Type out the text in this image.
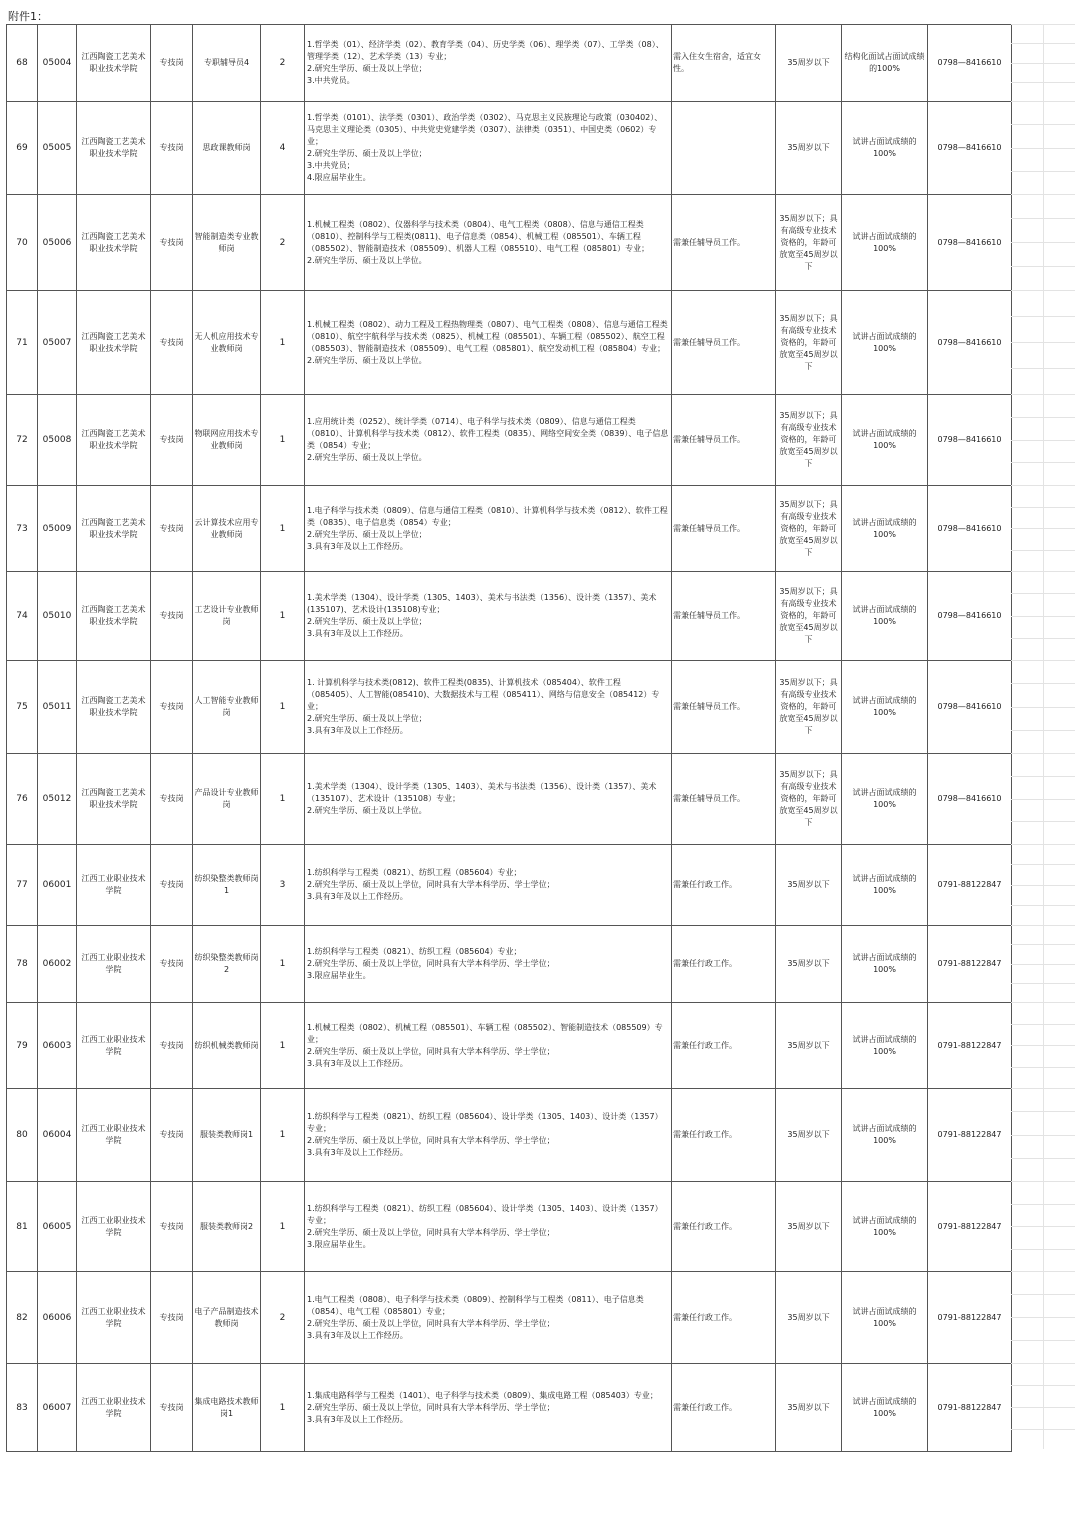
附件1：
68	05004	江西陶瓷工艺美术职业技术学院	专技岗	专职辅导员4	2	1.哲学类（01）、经济学类（02）、教育学类（04）、历史学类（06）、理学类（07）、工学类（08）、管理学类（12）、艺术学类（13）专业；
2.研究生学历、硕士及以上学位；
3.中共党员。	需入住女生宿舍，适宜女性。	35周岁以下	结构化面试占面试成绩的100%	0798—8416610
69	05005	江西陶瓷工艺美术职业技术学院	专技岗	思政课教师岗	4	1.哲学类（0101）、法学类（0301）、政治学类（0302）、马克思主义民族理论与政策（030402）、马克思主义理论类（0305）、中共党史党建学类（0307）、法律类（0351）、中国史类（0602）专业；
2.研究生学历、硕士及以上学位；
3.中共党员；
4.限应届毕业生。		35周岁以下	试讲占面试成绩的100%	0798—8416610
70	05006	江西陶瓷工艺美术职业技术学院	专技岗	智能制造类专业教师岗	2	1.机械工程类（0802）、仪器科学与技术类（0804）、电气工程类（0808）、信息与通信工程类（0810）、控制科学与工程类(0811)、电子信息类（0854）、机械工程（085501）、车辆工程（085502）、智能制造技术（085509）、机器人工程（085510）、电气工程（085801）专业；
2.研究生学历、硕士及以上学位。	需兼任辅导员工作。	35周岁以下；具有高级专业技术资格的，年龄可放宽至45周岁以下	试讲占面试成绩的100%	0798—8416610
71	05007	江西陶瓷工艺美术职业技术学院	专技岗	无人机应用技术专业教师岗	1	1.机械工程类（0802）、动力工程及工程热物理类（0807）、电气工程类（0808）、信息与通信工程类（0810）、航空宇航科学与技术类（0825）、机械工程（085501）、车辆工程（085502）、航空工程（085503）、智能制造技术（085509）、电气工程（085801）、航空发动机工程（085804）专业；
2.研究生学历、硕士及以上学位。	需兼任辅导员工作。	35周岁以下；具有高级专业技术资格的，年龄可放宽至45周岁以下	试讲占面试成绩的100%	0798—8416610
72	05008	江西陶瓷工艺美术职业技术学院	专技岗	物联网应用技术专业教师岗	1	1.应用统计类（0252）、统计学类（0714）、电子科学与技术类（0809）、信息与通信工程类（0810）、计算机科学与技术类（0812）、软件工程类（0835）、网络空间安全类（0839）、电子信息类（0854）专业；
2.研究生学历、硕士及以上学位。	需兼任辅导员工作。	35周岁以下；具有高级专业技术资格的，年龄可放宽至45周岁以下	试讲占面试成绩的100%	0798—8416610
73	05009	江西陶瓷工艺美术职业技术学院	专技岗	云计算技术应用专业教师岗	1	1.电子科学与技术类（0809）、信息与通信工程类（0810）、计算机科学与技术类（0812）、软件工程类（0835）、电子信息类（0854）专业；
2.研究生学历、硕士及以上学位；
3.具有3年及以上工作经历。	需兼任辅导员工作。	35周岁以下；具有高级专业技术资格的，年龄可放宽至45周岁以下	试讲占面试成绩的100%	0798—8416610
74	05010	江西陶瓷工艺美术职业技术学院	专技岗	工艺设计专业教师岗	1	1.美术学类（1304）、设计学类（1305、1403）、美术与书法类（1356）、设计类（1357）、美术(135107)、艺术设计(135108)专业；
2.研究生学历、硕士及以上学位；
3.具有3年及以上工作经历。	需兼任辅导员工作。	35周岁以下；具有高级专业技术资格的，年龄可放宽至45周岁以下	试讲占面试成绩的100%	0798—8416610
75	05011	江西陶瓷工艺美术职业技术学院	专技岗	人工智能专业教师岗	1	1. 计算机科学与技术类(0812)、软件工程类(0835)、计算机技术（085404）、软件工程（085405）、人工智能(085410)、大数据技术与工程（085411）、网络与信息安全（085412）专业；
2.研究生学历、硕士及以上学位；
3.具有3年及以上工作经历。	需兼任辅导员工作。	35周岁以下；具有高级专业技术资格的，年龄可放宽至45周岁以下	试讲占面试成绩的100%	0798—8416610
76	05012	江西陶瓷工艺美术职业技术学院	专技岗	产品设计专业教师岗	1	1.美术学类（1304）、设计学类（1305、1403）、美术与书法类（1356）、设计类（1357）、美术（135107）、艺术设计（135108）专业；
2.研究生学历、硕士及以上学位。	需兼任辅导员工作。	35周岁以下；具有高级专业技术资格的，年龄可放宽至45周岁以下	试讲占面试成绩的100%	0798—8416610
77	06001	江西工业职业技术学院	专技岗	纺织染整类教师岗1	3	1.纺织科学与工程类（0821）、纺织工程（085604）专业；
2.研究生学历、硕士及以上学位，同时具有大学本科学历、学士学位；
3.具有3年及以上工作经历。	需兼任行政工作。	35周岁以下	试讲占面试成绩的100%	0791-88122847
78	06002	江西工业职业技术学院	专技岗	纺织染整类教师岗2	1	1.纺织科学与工程类（0821）、纺织工程（085604）专业；
2.研究生学历、硕士及以上学位，同时具有大学本科学历、学士学位；
3.限应届毕业生。	需兼任行政工作。	35周岁以下	试讲占面试成绩的100%	0791-88122847
79	06003	江西工业职业技术学院	专技岗	纺织机械类教师岗	1	1.机械工程类（0802）、机械工程（085501）、车辆工程（085502）、智能制造技术（085509）专业；
2.研究生学历、硕士及以上学位，同时具有大学本科学历、学士学位；
3.具有3年及以上工作经历。	需兼任行政工作。	35周岁以下	试讲占面试成绩的100%	0791-88122847
80	06004	江西工业职业技术学院	专技岗	服装类教师岗1	1	1.纺织科学与工程类（0821）、纺织工程（085604）、设计学类（1305、1403）、设计类（1357）专业；
2.研究生学历、硕士及以上学位，同时具有大学本科学历、学士学位；
3.具有3年及以上工作经历。	需兼任行政工作。	35周岁以下	试讲占面试成绩的100%	0791-88122847
81	06005	江西工业职业技术学院	专技岗	服装类教师岗2	1	1.纺织科学与工程类（0821）、纺织工程（085604）、设计学类（1305、1403）、设计类（1357）专业；
2.研究生学历、硕士及以上学位，同时具有大学本科学历、学士学位；
3.限应届毕业生。	需兼任行政工作。	35周岁以下	试讲占面试成绩的100%	0791-88122847
82	06006	江西工业职业技术学院	专技岗	电子产品制造技术教师岗	2	1.电气工程类（0808）、电子科学与技术类（0809）、控制科学与工程类（0811）、电子信息类（0854）、电气工程（085801）专业；
2.研究生学历、硕士及以上学位，同时具有大学本科学历、学士学位；
3.具有3年及以上工作经历。	需兼任行政工作。	35周岁以下	试讲占面试成绩的100%	0791-88122847
83	06007	江西工业职业技术学院	专技岗	集成电路技术教师岗1	1	1.集成电路科学与工程类（1401）、电子科学与技术类（0809）、集成电路工程（085403）专业；
2.研究生学历、硕士及以上学位，同时具有大学本科学历、学士学位；
3.具有3年及以上工作经历。	需兼任行政工作。	35周岁以下	试讲占面试成绩的100%	0791-88122847
